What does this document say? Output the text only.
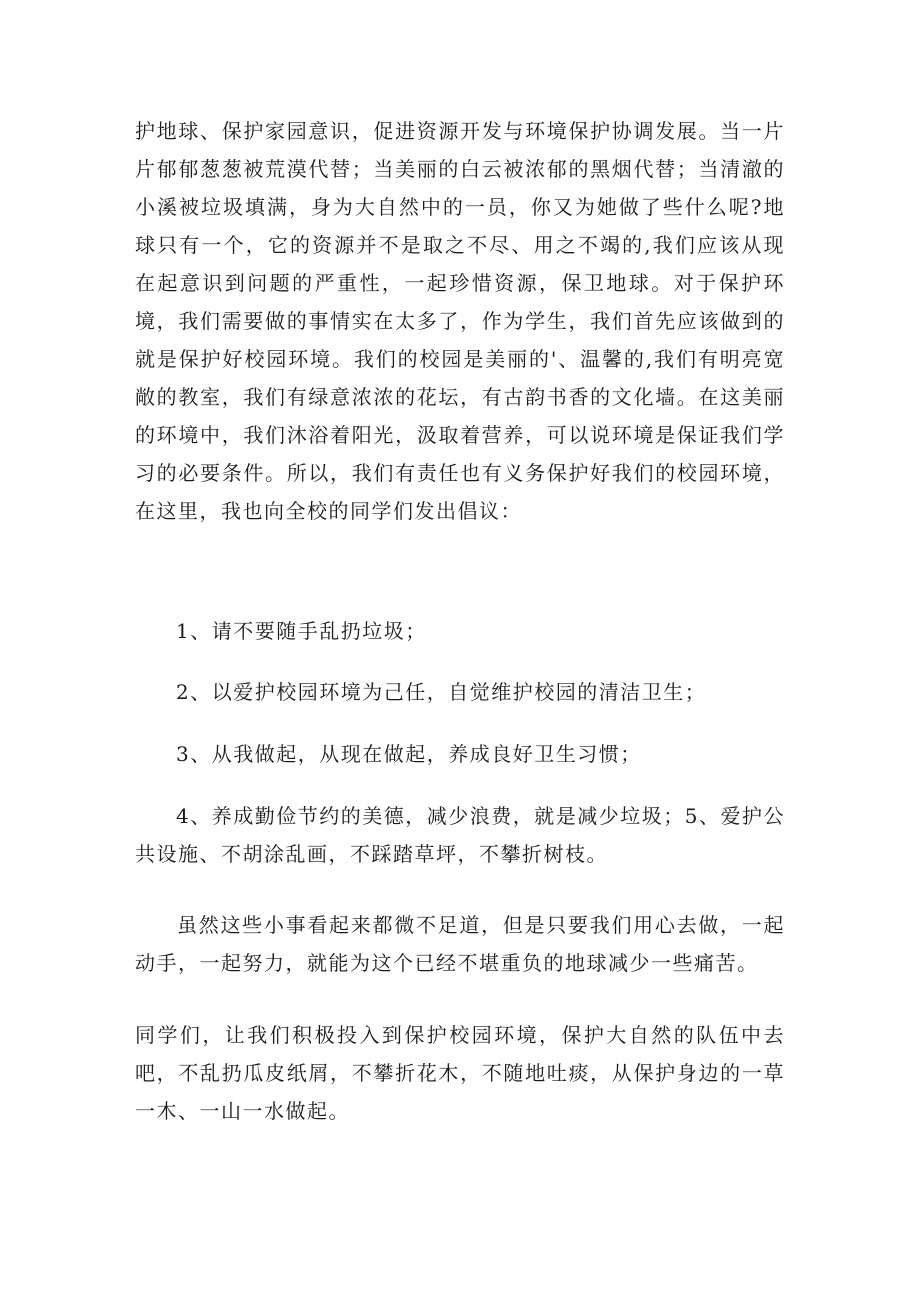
护地球、保护家园意识，促进资源开发与环境保护协调发展。当一片片郁郁葱葱被荒漠代替；当美丽的白云被浓郁的黑烟代替；当清澈的小溪被垃圾填满，身为大自然中的一员，你又为她做了些什么呢?地球只有一个，它的资源并不是取之不尽、用之不竭的,我们应该从现在起意识到问题的严重性，一起珍惜资源，保卫地球。对于保护环境，我们需要做的事情实在太多了，作为学生，我们首先应该做到的就是保护好校园环境。我们的校园是美丽的'、温馨的,我们有明亮宽敞的教室，我们有绿意浓浓的花坛，有古韵书香的文化墙。在这美丽的环境中，我们沐浴着阳光，汲取着营养，可以说环境是保证我们学习的必要条件。所以，我们有责任也有义务保护好我们的校园环境，在这里，我也向全校的同学们发出倡议：

1、请不要随手乱扔垃圾；

2、以爱护校园环境为己任，自觉维护校园的清洁卫生；

3、从我做起，从现在做起，养成良好卫生习惯；

4、养成勤俭节约的美德，减少浪费，就是减少垃圾；5、爱护公共设施、不胡涂乱画，不踩踏草坪，不攀折树枝。

虽然这些小事看起来都微不足道，但是只要我们用心去做，一起动手，一起努力，就能为这个已经不堪重负的地球减少一些痛苦。

同学们，让我们积极投入到保护校园环境，保护大自然的队伍中去吧，不乱扔瓜皮纸屑，不攀折花木，不随地吐痰，从保护身边的一草一木、一山一水做起。
